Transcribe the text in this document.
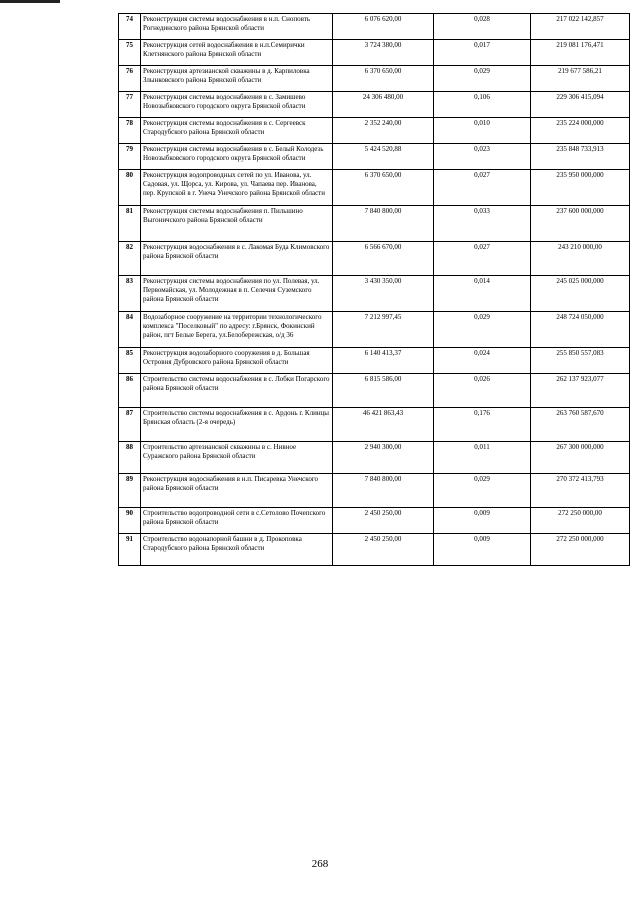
74	Реконструкция системы водоснабжения в н.п. Сноповть Рогнединского района Брянской области	6 076 620,00	0,028	217 022 142,857
75	Реконструкция сетей водоснабжения в н.п.Семирички Клетнянского района Брянской области	3 724 380,00	0,017	219 081 176,471
76	Реконструкция артезианской скважины в д. Карпиловка Злынковского района Брянской области	6 370 650,00	0,029	219 677 586,21
77	Реконструкция системы водоснабжения в с. Замишево Новозыбковского городского округа Брянской области	24 306 480,00	0,106	229 306 415,094
78	Реконструкция системы водоснабжения в с. Сергеевск Стародубского района Брянской области	2 352 240,00	0,010	235 224 000,000
79	Реконструкция системы водоснабжения в с. Белый Колодезь Новозыбковского городского округа Брянской области	5 424 520,88	0,023	235 848 733,913
80	Реконструкция водопроводных сетей по ул. Иванова, ул. Садовая, ул. Щорса, ул. Кирова, ул. Чапаева пер. Иванова, пер. Крупской в г. Унеча Унечского района Брянской области	6 370 650,00	0,027	235 950 000,000
81	Реконструкция системы водоснабжения п. Пильшино Выгоничского района Брянской области	7 840 800,00	0,033	237 600 000,000
82	Реконструкция водоснабжения в с. Лакомая Буда Климовского района Брянской области	6 566 670,00	0,027	243 210 000,00
83	Реконструкция системы водоснабжения по ул. Полевая, ул. Первомайская, ул. Молодежная в п. Селечня Суземского района Брянской области	3 430 350,00	0,014	245 025 000,000
84	Водозаборное сооружение на территории технологического комплекса "Поселковый" по адресу: г.Брянск, Фокинский район, пгт Белые Берега, ул.Белобережская, о/д 36	7 212 997,45	0,029	248 724 050,000
85	Реконструкция водозаборного сооружения в д. Большая Островня Дубровского района Брянской области	6 140 413,37	0,024	255 850 557,083
86	Строительство системы водоснабжения в с. Лобки Погарского района Брянской области	6 815 586,00	0,026	262 137 923,077
87	Строительство системы водоснабжения в с. Ардонь г. Клинцы Брянская область (2-я очередь)	46 421 863,43	0,176	263 760 587,670
88	Строительство артезианской скважины в с. Нивное Суражского района Брянской области	2 940 300,00	0,011	267 300 000,000
89	Реконструкция водоснабжения в н.п. Писаревка Унечского района Брянской области	7 840 800,00	0,029	270 372 413,793
90	Строительство водопроводной сети в с.Сетолово Почепского района Брянской области	2 450 250,00	0,009	272 250 000,00
91	Строительство водонапорной башни в д. Прокоповка Стародубского района Брянской области	2 450 250,00	0,009	272 250 000,000
268
